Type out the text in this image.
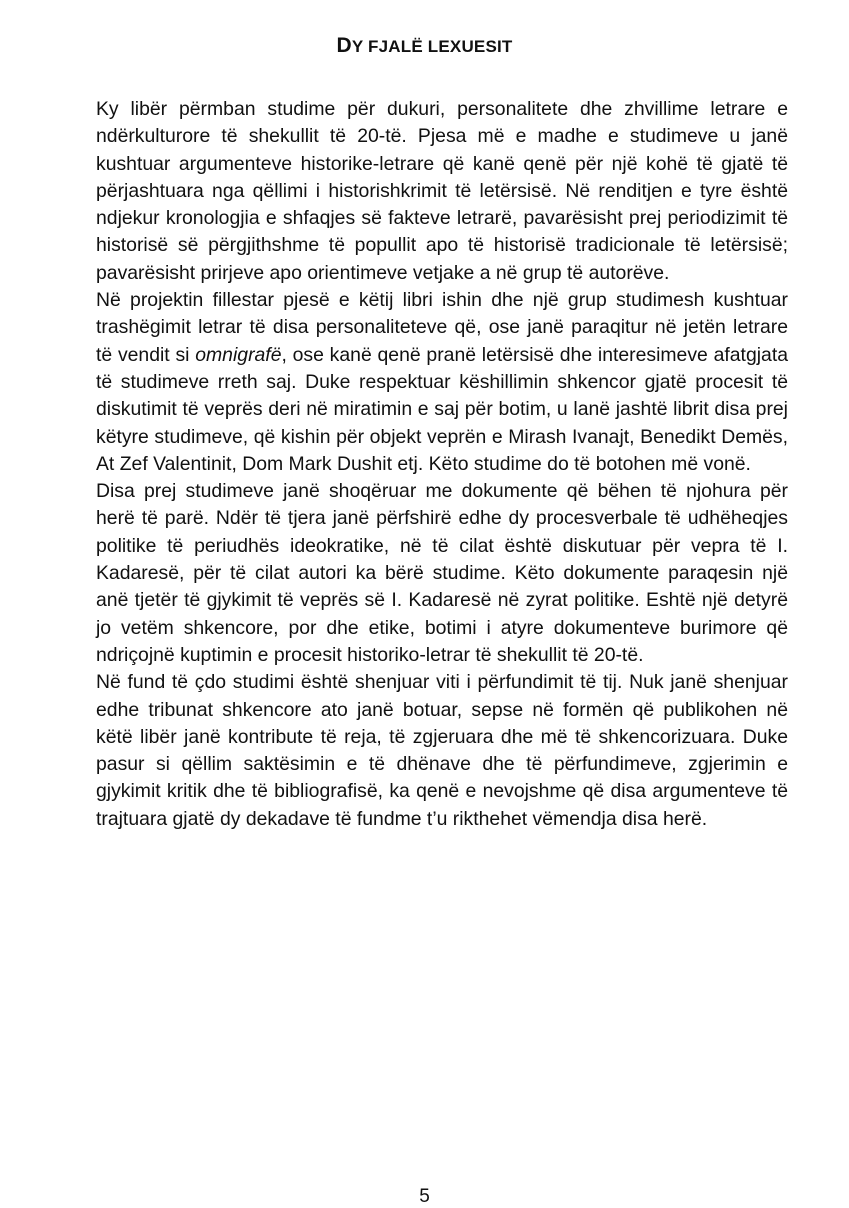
DY FJALË LEXUESIT

Ky libër përmban studime për dukuri, personalitete dhe zhvillime letrare e ndërkulturore të shekullit të 20-të. Pjesa më e madhe e studimeve u janë kushtuar argumenteve historike-letrare që kanë qenë për një kohë të gjatë të përjashtuara nga qëllimi i historishkrimit të letërsisë. Në renditjen e tyre është ndjekur kronologjia e shfaqjes së fakteve letrarë, pavarësisht prej periodizimit të historisë së përgjithshme të popullit apo të historisë tradicionale të letërsisë; pavarësisht prirjeve apo orientimeve vetjake a në grup të autorëve.

Në projektin fillestar pjesë e këtij libri ishin dhe një grup studimesh kushtuar trashëgimit letrar të disa personaliteteve që, ose janë paraqitur në jetën letrare të vendit si omnigrafë, ose kanë qenë pranë letërsisë dhe interesimeve afatgjata të studimeve rreth saj. Duke respektuar këshillimin shkencor gjatë procesit të diskutimit të veprës deri në miratimin e saj për botim, u lanë jashtë librit disa prej këtyre studimeve, që kishin për objekt veprën e Mirash Ivanajt, Benedikt Demës, At Zef Valentinit, Dom Mark Dushit etj. Këto studime do të botohen më vonë.

Disa prej studimeve janë shoqëruar me dokumente që bëhen të njohura për herë të parë. Ndër të tjera janë përfshirë edhe dy procesverbale të udhëheqjes politike të periudhës ideokratike, në të cilat është diskutuar për vepra të I. Kadaresë, për të cilat autori ka bërë studime. Këto dokumente paraqesin një anë tjetër të gjykimit të veprës së I. Kadaresë në zyrat politike. Eshtë një detyrë jo vetëm shkencore, por dhe etike, botimi i atyre dokumenteve burimore që ndriçojnë kuptimin e procesit historiko-letrar të shekullit të 20-të.

Në fund të çdo studimi është shenjuar viti i përfundimit të tij. Nuk janë shenjuar edhe tribunat shkencore ato janë botuar, sepse në formën që publikohen në këtë libër janë kontribute të reja, të zgjeruara dhe më të shkencorizuara. Duke pasur si qëllim saktësimin e të dhënave dhe të përfundimeve, zgjerimin e gjykimit kritik dhe të bibliografisë, ka qenë e nevojshme që disa argumenteve të trajtuara gjatë dy dekadave të fundme t’u rikthehet vëmendja disa herë.

5
